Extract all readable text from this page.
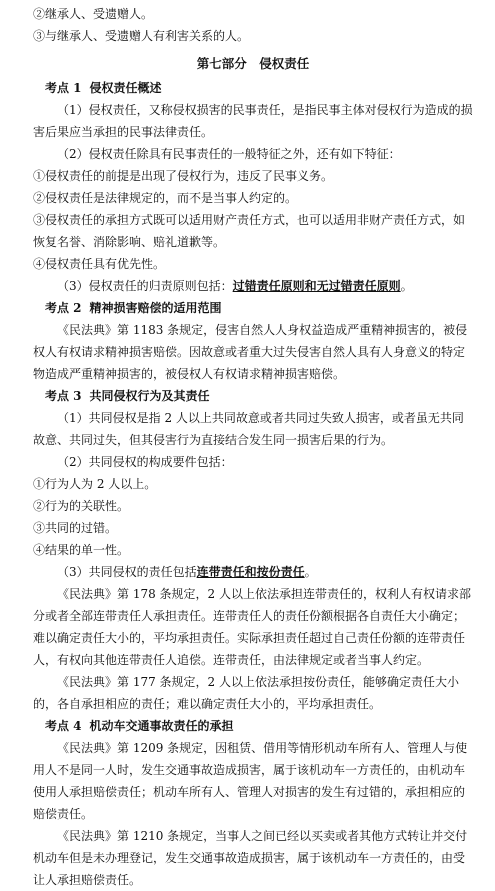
②继承人、受遗赠人。

③与继承人、受遗赠人有利害关系的人。

第七部分　侵权责任

考点 1 侵权责任概述

（1）侵权责任，又称侵权损害的民事责任，是指民事主体对侵权行为造成的损害后果应当承担的民事法律责任。

（2）侵权责任除具有民事责任的一般特征之外，还有如下特征：

①侵权责任的前提是出现了侵权行为，违反了民事义务。

②侵权责任是法律规定的，而不是当事人约定的。

③侵权责任的承担方式既可以适用财产责任方式，也可以适用非财产责任方式，如恢复名誉、消除影响、赔礼道歉等。

④侵权责任具有优先性。

（3）侵权责任的归责原则包括：过错责任原则和无过错责任原则。

考点 2 精神损害赔偿的适用范围

《民法典》第 1183 条规定，侵害自然人人身权益造成严重精神损害的，被侵权人有权请求精神损害赔偿。因故意或者重大过失侵害自然人具有人身意义的特定物造成严重精神损害的，被侵权人有权请求精神损害赔偿。

考点 3 共同侵权行为及其责任

（1）共同侵权是指 2 人以上共同故意或者共同过失致人损害，或者虽无共同故意、共同过失，但其侵害行为直接结合发生同一损害后果的行为。

（2）共同侵权的构成要件包括：

①行为人为 2 人以上。

②行为的关联性。

③共同的过错。

④结果的单一性。

（3）共同侵权的责任包括连带责任和按份责任。

《民法典》第 178 条规定，2 人以上依法承担连带责任的，权利人有权请求部分或者全部连带责任人承担责任。连带责任人的责任份额根据各自责任大小确定；难以确定责任大小的，平均承担责任。实际承担责任超过自己责任份额的连带责任人，有权向其他连带责任人追偿。连带责任，由法律规定或者当事人约定。

《民法典》第 177 条规定，2 人以上依法承担按份责任，能够确定责任大小的，各自承担相应的责任；难以确定责任大小的，平均承担责任。

考点 4 机动车交通事故责任的承担

《民法典》第 1209 条规定，因租赁、借用等情形机动车所有人、管理人与使用人不是同一人时，发生交通事故造成损害，属于该机动车一方责任的，由机动车使用人承担赔偿责任；机动车所有人、管理人对损害的发生有过错的，承担相应的赔偿责任。

《民法典》第 1210 条规定，当事人之间已经以买卖或者其他方式转让并交付机动车但是未办理登记，发生交通事故造成损害，属于该机动车一方责任的，由受让人承担赔偿责任。
